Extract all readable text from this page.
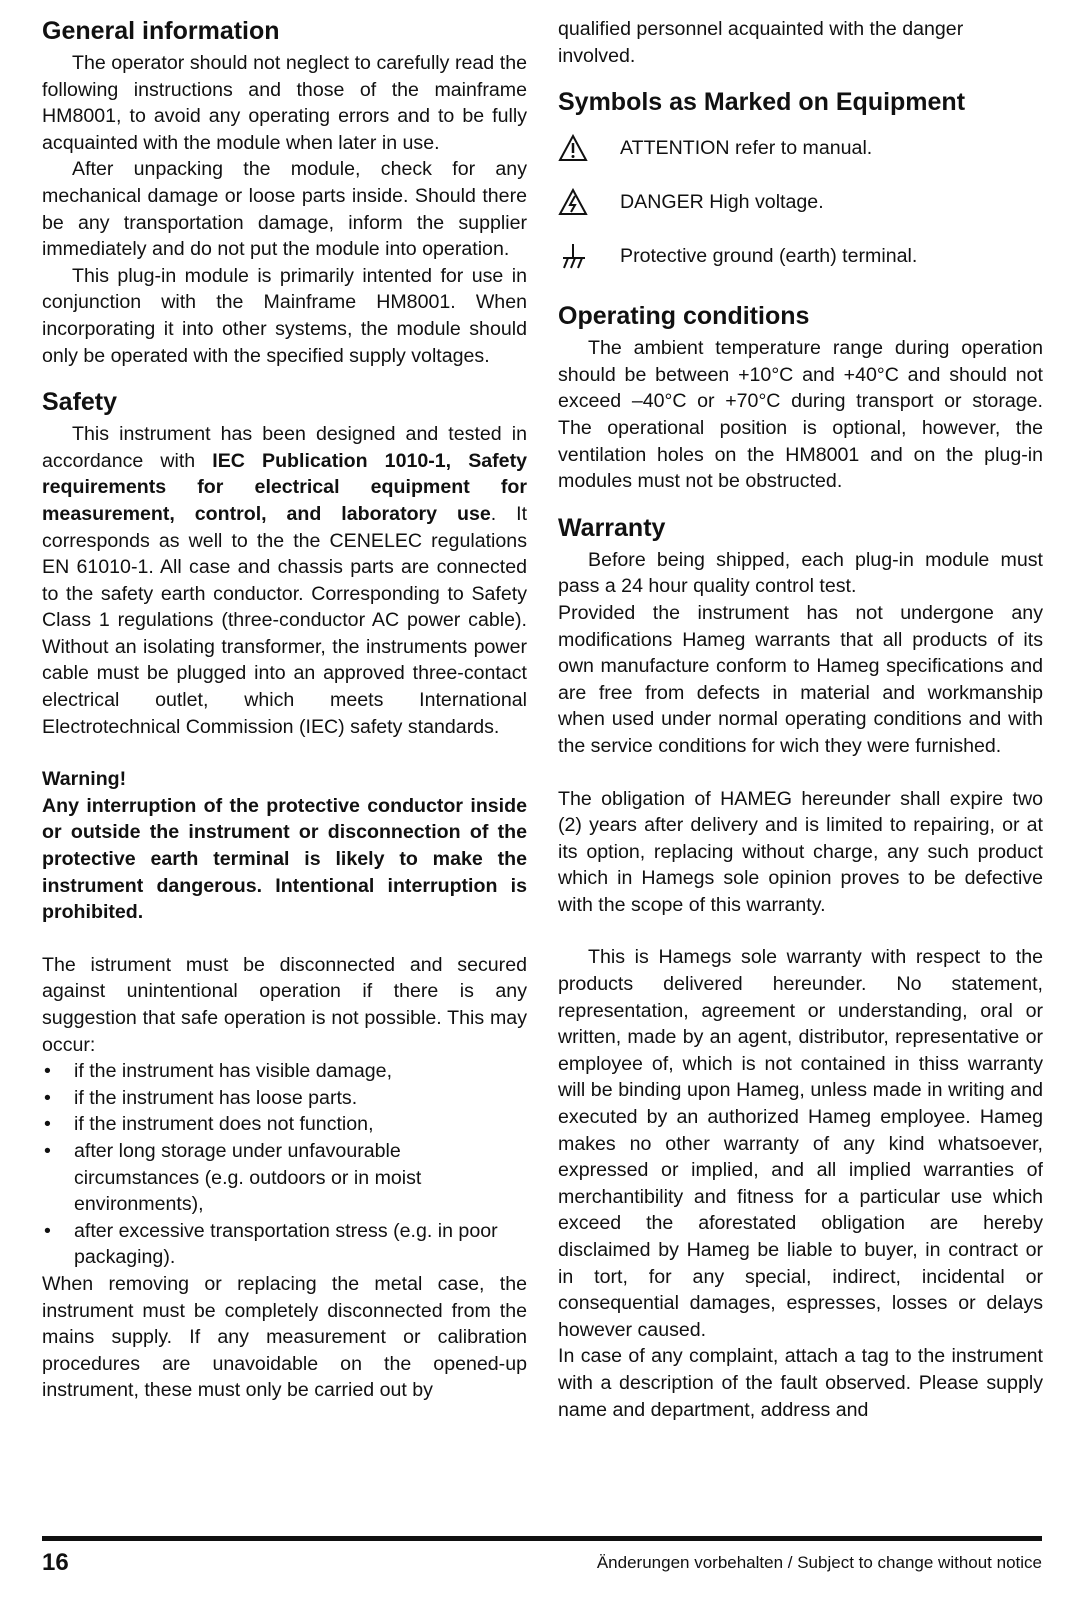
General information

The operator should not neglect to carefully read the following instructions and those of the mainframe HM8001, to avoid any operating errors and to be fully acquainted with the module when later in use.

After unpacking the module, check for any mechanical damage or loose parts inside. Should there be any transportation damage, inform the supplier immediately and do not put the module into operation.

This plug-in module is primarily intented for use in conjunction with the Mainframe HM8001. When incorporating it into other systems, the module should only be operated with the specified supply voltages.

Safety

This instrument has been designed and tested in accordance with IEC Publication 1010-1, Safety requirements for electrical equipment for measurement, control, and laboratory use. It corresponds as well to the the CENELEC regulations EN 61010-1. All case and chassis parts are connected to the safety earth conductor. Corresponding to Safety Class 1 regulations (three-conductor AC power cable). Without an isolating transformer, the instruments power cable must be plugged into an approved three-contact electrical outlet, which meets International Electrotechnical Commission (IEC) safety standards.

Warning!

Any interruption of the protective conductor inside or outside the instrument or disconnection of the protective earth terminal is likely to make the instrument dangerous. Intentional interruption is prohibited.

The istrument must be disconnected and secured against unintentional operation if there is any suggestion that safe operation is not possible. This may occur:

• if the instrument has visible damage,
• if the instrument has loose parts.
• if the instrument does not function,
• after long storage under unfavourable circumstances (e.g. outdoors or in moist environments),
• after excessive transportation stress (e.g. in poor packaging).

When removing or replacing the metal case, the instrument must be completely disconnected from the mains supply. If any measurement or calibration procedures are unavoidable on the opened-up instrument, these must only be carried out by

qualified personnel acquainted with the danger involved.

Symbols as Marked on Equipment
ATTENTION refer to manual.
DANGER High voltage.
Protective ground (earth) terminal.
Operating conditions

The ambient temperature range during operation should be between +10°C and +40°C and should not exceed –40°C or +70°C during transport or storage. The operational position is optional, however, the ventilation holes on the HM8001 and on the plug-in modules must not be obstructed.

Warranty

Before being shipped, each plug-in module must pass a 24 hour quality control test.

Provided the instrument has not undergone any modifications Hameg warrants that all products of its own manufacture conform to Hameg specifications and are free from defects in material and workmanship when used under normal operating conditions and with the service conditions for wich they were furnished.

The obligation of HAMEG hereunder shall expire two (2) years after delivery and is limited to repairing, or at its option, replacing without charge, any such product which in Hamegs sole opinion proves to be defective with the scope of this warranty.

This is Hamegs sole warranty with respect to the products delivered hereunder. No statement, representation, agreement or understanding, oral or written, made by an agent, distributor, representative or employee of, which is not contained in thiss warranty will be binding upon Hameg, unless made in writing and executed by an authorized Hameg employee. Hameg makes no other warranty of any kind whatsoever, expressed or implied, and all implied warranties of merchantibility and fitness for a particular use which exceed the aforestated obligation are hereby disclaimed by Hameg be liable to buyer, in contract or in tort, for any special, indirect, incidental or consequential damages, espresses, losses or delays however caused.

In case of any complaint, attach a tag to the instrument with a description of the fault observed. Please supply name and department, address and

16	Änderungen vorbehalten / Subject to change without notice
